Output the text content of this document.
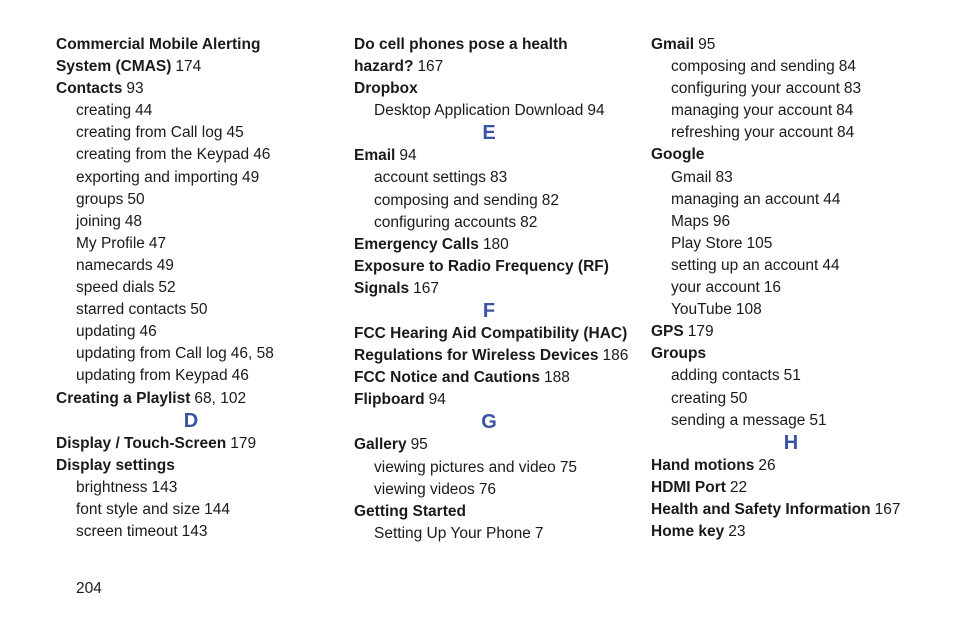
Commercial Mobile Alerting
System (CMAS) 174
Contacts 93
creating 44
creating from Call log 45
creating from the Keypad 46
exporting and importing 49
groups 50
joining 48
My Profile 47
namecards 49
speed dials 52
starred contacts 50
updating 46
updating from Call log 46, 58
updating from Keypad 46
Creating a Playlist 68, 102
D
Display / Touch-Screen 179
Display settings
brightness 143
font style and size 144
screen timeout 143
Do cell phones pose a health
hazard? 167
Dropbox
Desktop Application Download 94
E
Email 94
account settings 83
composing and sending 82
configuring accounts 82
Emergency Calls 180
Exposure to Radio Frequency (RF)
Signals 167
F
FCC Hearing Aid Compatibility (HAC)
Regulations for Wireless Devices 186
FCC Notice and Cautions 188
Flipboard 94
G
Gallery 95
viewing pictures and video 75
viewing videos 76
Getting Started
Setting Up Your Phone 7
Gmail 95
composing and sending 84
configuring your account 83
managing your account 84
refreshing your account 84
Google
Gmail 83
managing an account 44
Maps 96
Play Store 105
setting up an account 44
your account 16
YouTube 108
GPS 179
Groups
adding contacts 51
creating 50
sending a message 51
H
Hand motions 26
HDMI Port 22
Health and Safety Information 167
Home key 23
204
